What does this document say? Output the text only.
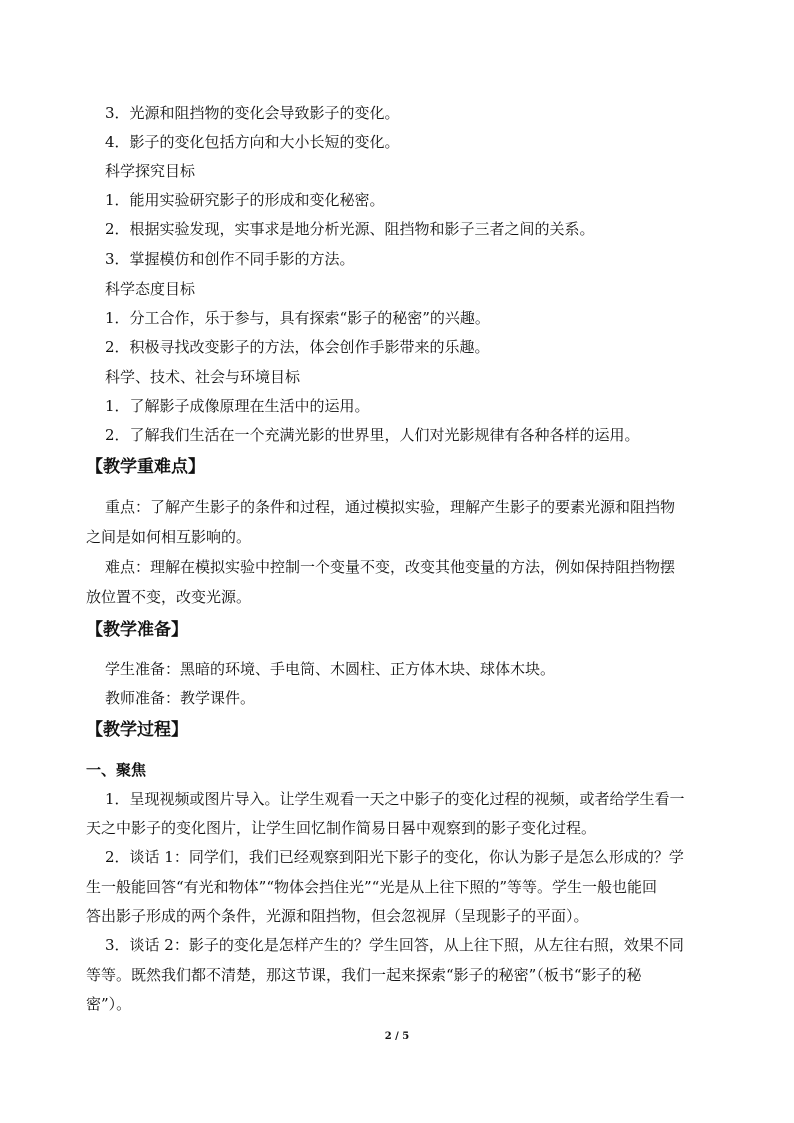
3．光源和阻挡物的变化会导致影子的变化。
4．影子的变化包括方向和大小长短的变化。
科学探究目标
1．能用实验研究影子的形成和变化秘密。
2．根据实验发现，实事求是地分析光源、阻挡物和影子三者之间的关系。
3．掌握模仿和创作不同手影的方法。
科学态度目标
1．分工合作，乐于参与，具有探索“影子的秘密”的兴趣。
2．积极寻找改变影子的方法，体会创作手影带来的乐趣。
科学、技术、社会与环境目标
1．了解影子成像原理在生活中的运用。
2．了解我们生活在一个充满光影的世界里，人们对光影规律有各种各样的运用。
【教学重难点】
重点：了解产生影子的条件和过程，通过模拟实验，理解产生影子的要素光源和阻挡物
之间是如何相互影响的。
难点：理解在模拟实验中控制一个变量不变，改变其他变量的方法，例如保持阻挡物摆
放位置不变，改变光源。
【教学准备】
学生准备：黑暗的环境、手电筒、木圆柱、正方体木块、球体木块。
教师准备：教学课件。
【教学过程】
一、聚焦
1．呈现视频或图片导入。让学生观看一天之中影子的变化过程的视频，或者给学生看一
天之中影子的变化图片，让学生回忆制作简易日晷中观察到的影子变化过程。
2．谈话 1：同学们，我们已经观察到阳光下影子的变化，你认为影子是怎么形成的？学
生一般能回答“有光和物体”“物体会挡住光”“光是从上往下照的”等等。学生一般也能回
答出影子形成的两个条件，光源和阻挡物，但会忽视屏（呈现影子的平面）。
3．谈话 2：影子的变化是怎样产生的？学生回答，从上往下照，从左往右照，效果不同
等等。既然我们都不清楚，那这节课，我们一起来探索“影子的秘密”（板书“影子的秘
密”）。
2 / 5
